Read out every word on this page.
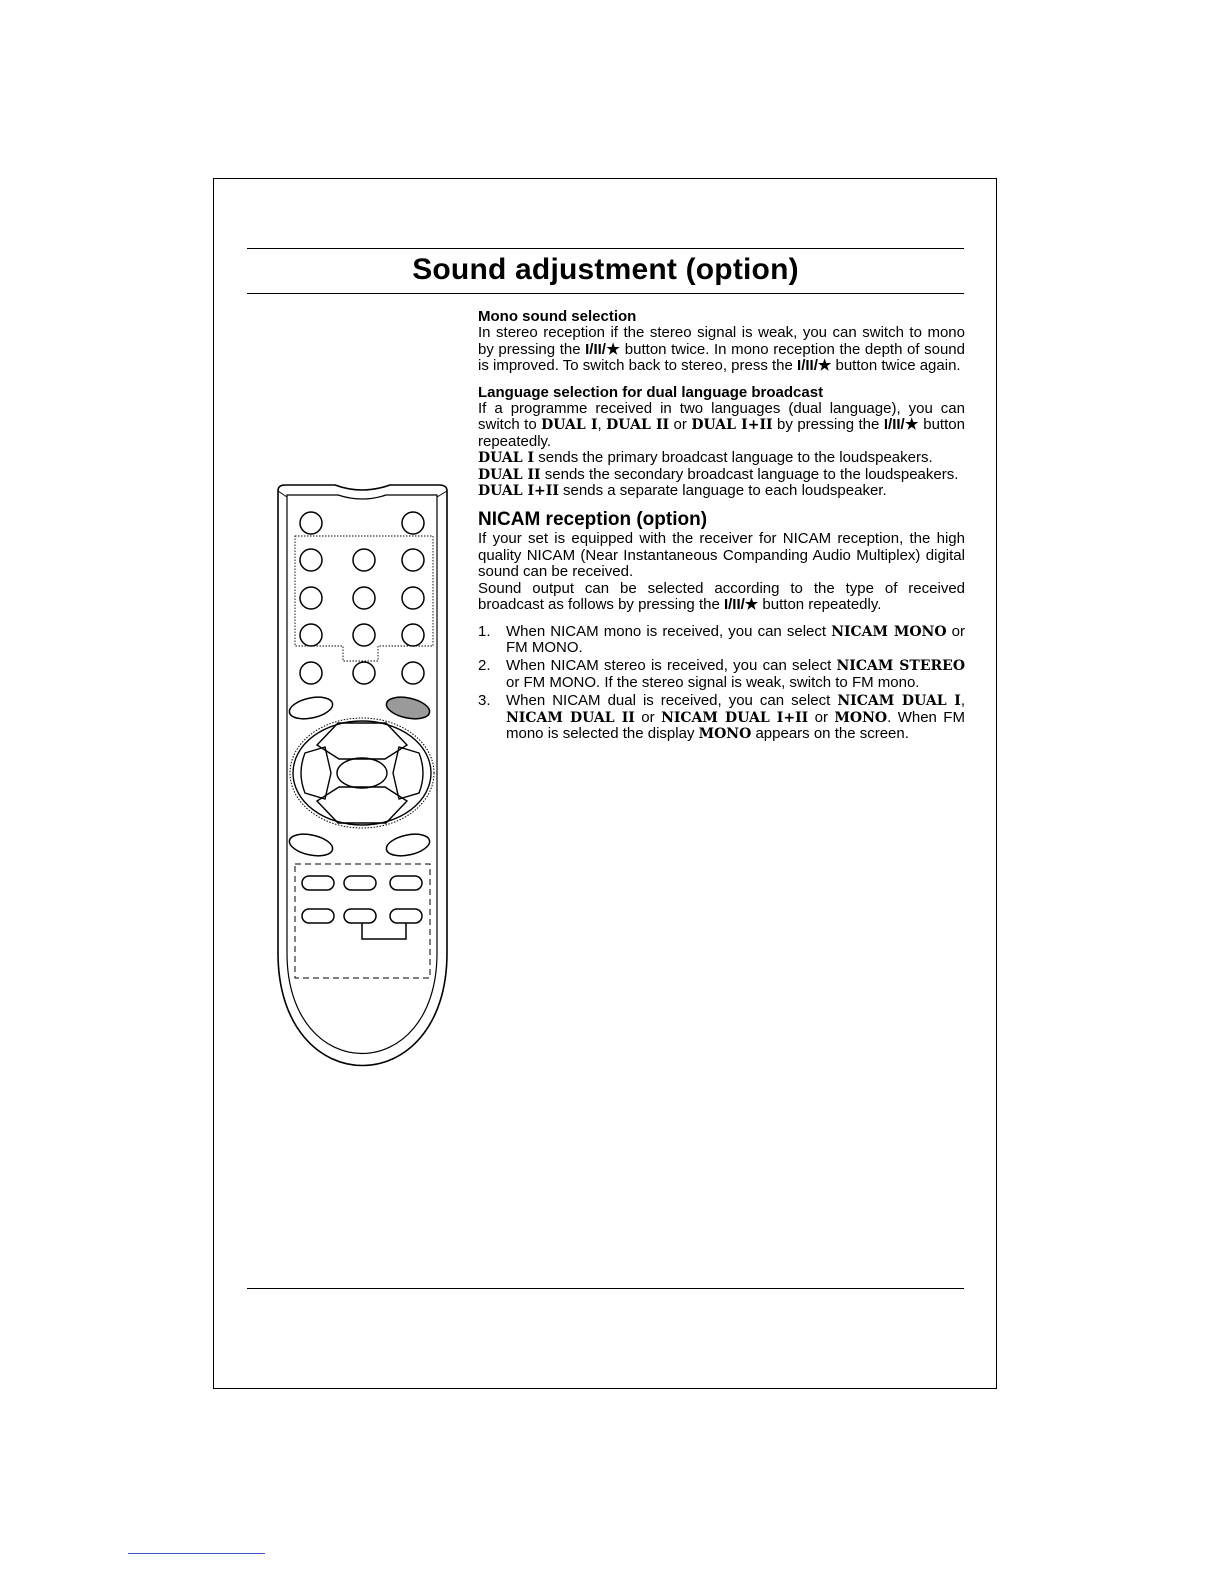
Sound adjustment (option)

Mono sound selection

In stereo reception if the stereo signal is weak, you can switch to mono by pressing the I/II/★ button twice. In mono reception the depth of sound is improved. To switch back to stereo, press the I/II/★ button twice again.

Language selection for dual language broadcast

If a programme received in two languages (dual language), you can switch to DUAL I, DUAL II or DUAL I+II by pressing the I/II/★ button repeatedly.

DUAL I sends the primary broadcast language to the loudspeakers.

DUAL II sends the secondary broadcast language to the loudspeakers.

DUAL I+II sends a separate language to each loudspeaker.

NICAM reception (option)

If your set is equipped with the receiver for NICAM reception, the high quality NICAM (Near Instantaneous Companding Audio Multiplex) digital sound can be received.

Sound output can be selected according to the type of received broadcast as follows by pressing the I/II/★ button repeatedly.

1. When NICAM mono is received, you can select NICAM MONO or FM MONO.
2. When NICAM stereo is received, you can select NICAM STEREO or FM MONO. If the stereo signal is weak, switch to FM mono.
3. When NICAM dual is received, you can select NICAM DUAL I, NICAM DUAL II or NICAM DUAL I+II or MONO. When FM mono is selected the display MONO appears on the screen.
